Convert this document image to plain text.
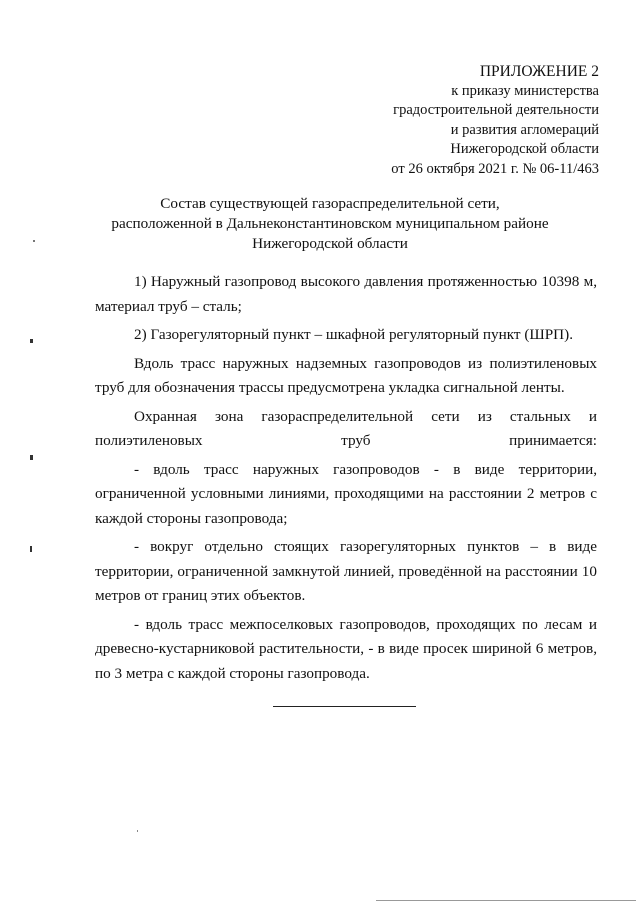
ПРИЛОЖЕНИЕ 2
к приказу министерства
градостроительной деятельности
и развития агломераций
Нижегородской области
от 26 октября 2021 г. № 06-11/463
Состав существующей газораспределительной сети,
расположенной в Дальнеконстантиновском муниципальном районе
Нижегородской области

1) Наружный газопровод высокого давления протяженностью 10398 м, материал труб – сталь;

2) Газорегуляторный пункт – шкафной регуляторный пункт (ШРП).

Вдоль трасс наружных надземных газопроводов из полиэтиленовых труб для обозначения трассы предусмотрена укладка сигнальной ленты.

Охранная зона газораспределительной сети из стальных и полиэтиленовых труб принимается:

- вдоль трасс наружных газопроводов - в виде территории, ограниченной условными линиями, проходящими на расстоянии 2 метров с каждой стороны газопровода;

- вокруг отдельно стоящих газорегуляторных пунктов – в виде территории, ограниченной замкнутой линией, проведённой на расстоянии 10 метров от границ этих объектов.

- вдоль трасс межпоселковых газопроводов, проходящих по лесам и древесно-кустарниковой растительности, - в виде просек шириной 6 метров, по 3 метра с каждой стороны газопровода.
